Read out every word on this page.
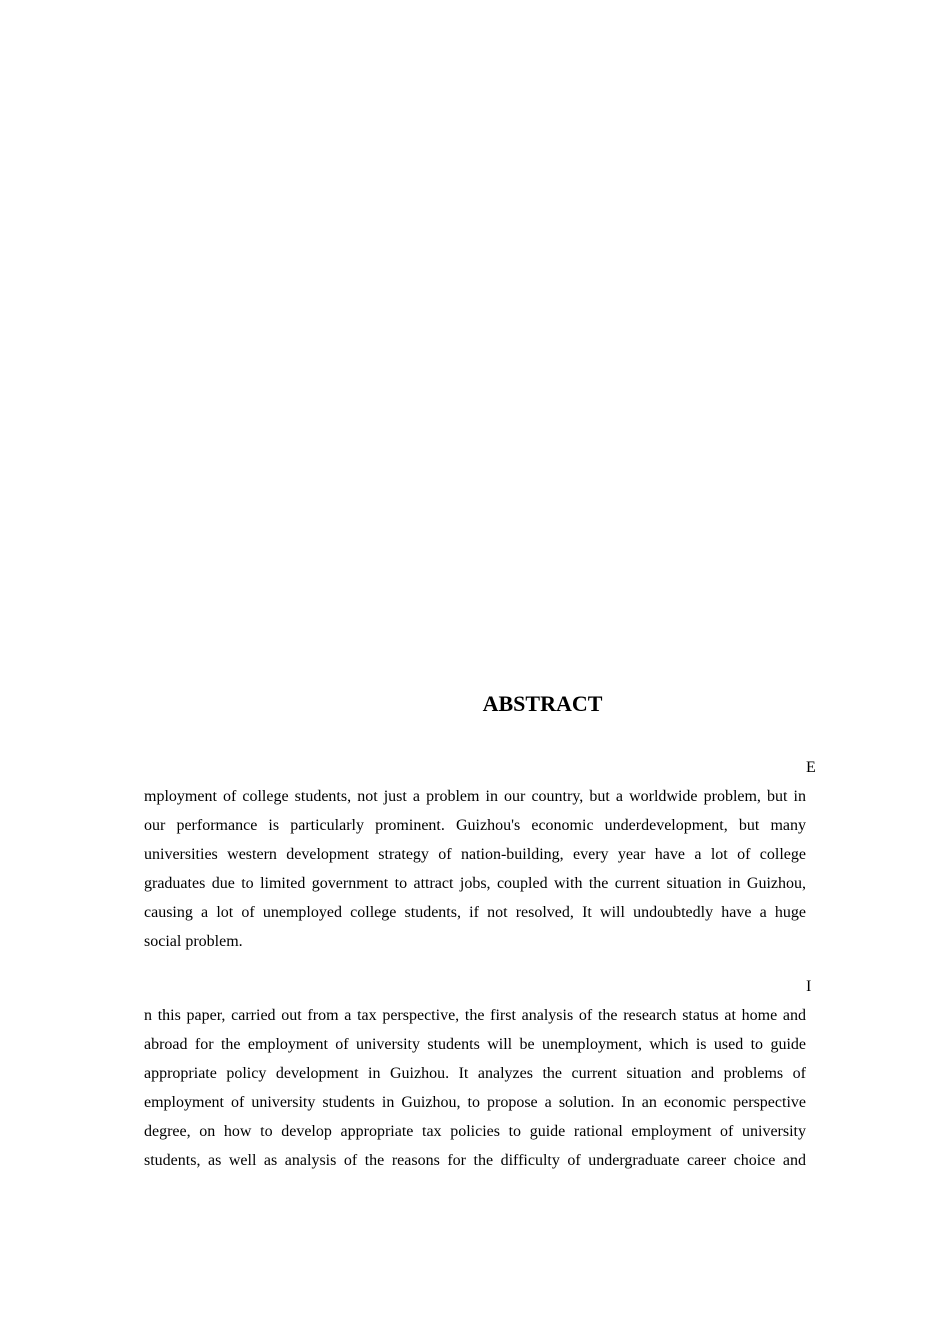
ABSTRACT
E
mployment of college students, not just a problem in our country, but a worldwide problem, but in
our performance is particularly prominent. Guizhou's economic underdevelopment, but many
universities western development strategy of nation-building, every year have a lot of college
graduates due to limited government to attract jobs, coupled with the current situation in Guizhou,
causing a lot of unemployed college students, if not resolved, It will undoubtedly have a huge
social problem.
I
n this paper, carried out from a tax perspective, the first analysis of the research status at home and
abroad for the employment of university students will be unemployment, which is used to guide
appropriate policy development in Guizhou. It analyzes the current situation and problems of
employment of university students in Guizhou, to propose a solution. In an economic perspective
degree, on how to develop appropriate tax policies to guide rational employment of university
students, as well as analysis of the reasons for the difficulty of undergraduate career choice and
